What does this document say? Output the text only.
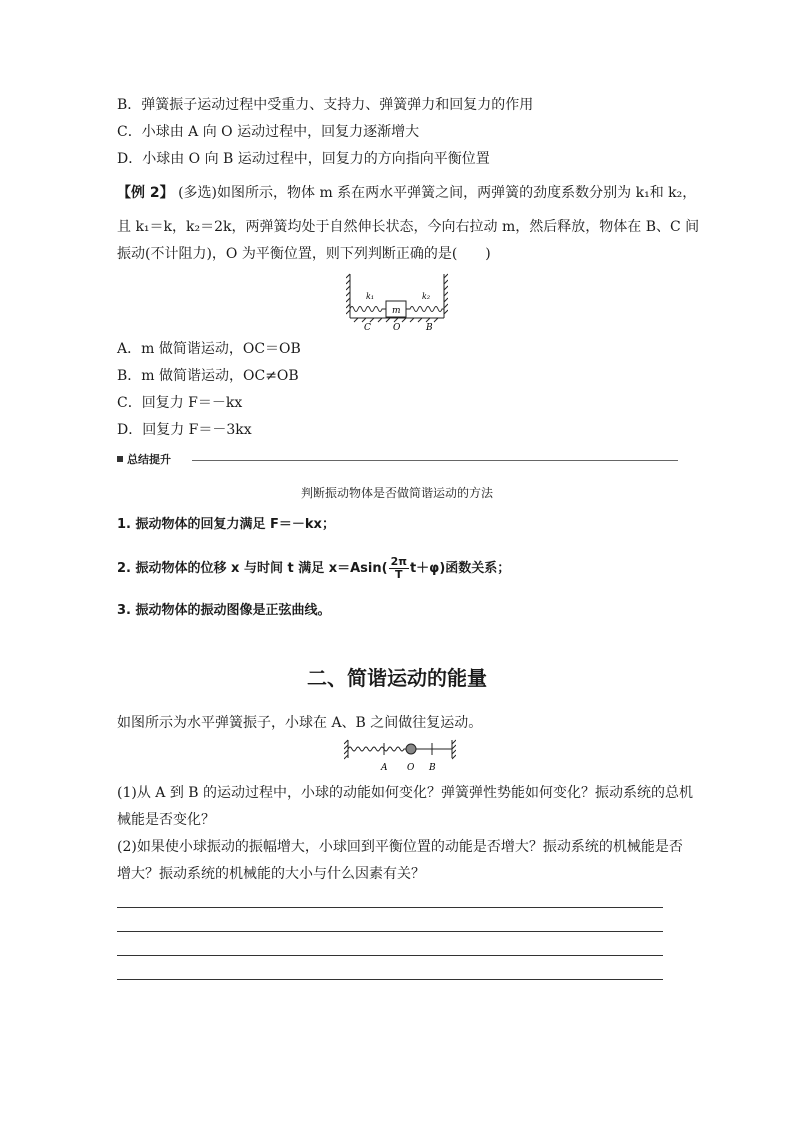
B．弹簧振子运动过程中受重力、支持力、弹簧弹力和回复力的作用
C．小球由 A 向 O 运动过程中，回复力逐渐增大
D．小球由 O 向 B 运动过程中，回复力的方向指向平衡位置
【例 2】 (多选)如图所示，物体 m 系在两水平弹簧之间，两弹簧的劲度系数分别为 k₁和 k₂，
且 k₁＝k，k₂＝2k，两弹簧均处于自然伸长状态，今向右拉动 m，然后释放，物体在 B、C 间
振动(不计阻力)，O 为平衡位置，则下列判断正确的是(　　)
k₁	k₂
m
C O	B
A．m 做简谐运动，OC＝OB
B．m 做简谐运动，OC≠OB
C．回复力 F＝－kx
D．回复力 F＝－3kx
总结提升
判断振动物体是否做简谐运动的方法
1. 振动物体的回复力满足 F＝－kx；
2. 振动物体的位移 x 与时间 t 满足 $x=Asin( \frac{2\pi}{T} t+\varphi)$函数关系；
3. 振动物体的振动图像是正弦曲线。
二、简谐运动的能量
如图所示为水平弹簧振子，小球在 A、B 之间做往复运动。
A O B
(1)从 A 到 B 的运动过程中，小球的动能如何变化？弹簧弹性势能如何变化？振动系统的总机
械能是否变化？
(2)如果使小球振动的振幅增大，小球回到平衡位置的动能是否增大？振动系统的机械能是否
增大？振动系统的机械能的大小与什么因素有关？
